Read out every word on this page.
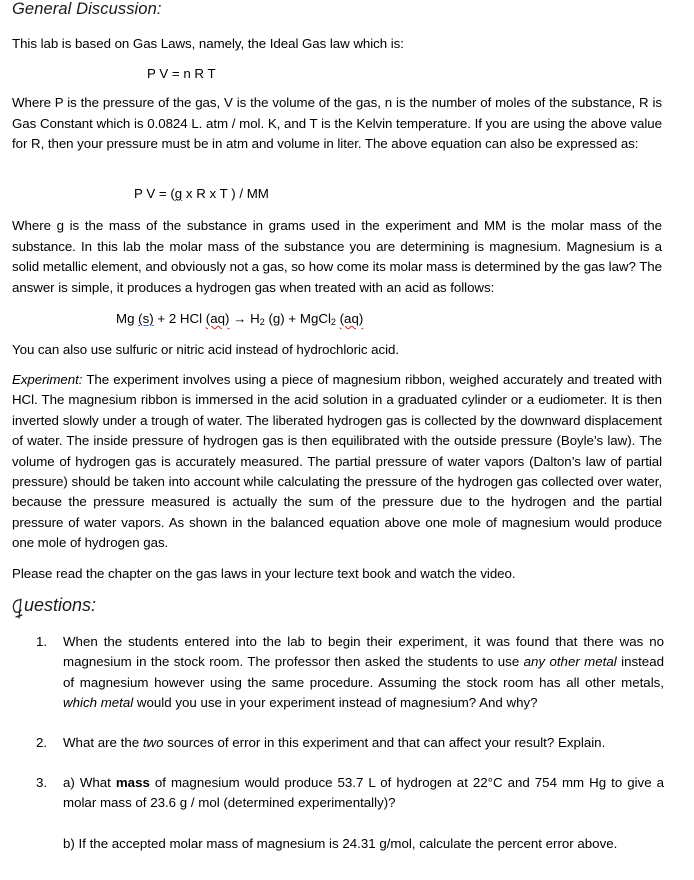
General Discussion:
This lab is based on Gas Laws, namely, the Ideal Gas law which is:
P V = n R T
Where P is the pressure of the gas, V is the volume of the gas, n is the number of moles of the substance, R is Gas Constant which is 0.0824 L. atm / mol. K, and T is the Kelvin temperature. If you are using the above value for R, then your pressure must be in atm and volume in liter. The above equation can also be expressed as:
P V = (g x R x T ) / MM
Where g is the mass of the substance in grams used in the experiment and MM is the molar mass of the substance. In this lab the molar mass of the substance you are determining is magnesium. Magnesium is a solid metallic element, and obviously not a gas, so how come its molar mass is determined by the gas law? The answer is simple, it produces a hydrogen gas when treated with an acid as follows:
Mg (s) + 2 HCl $(aq) \to H_2$ (g) + MgCl$_2$ (aq)
You can also use sulfuric or nitric acid instead of hydrochloric acid.
Experiment: The experiment involves using a piece of magnesium ribbon, weighed accurately and treated with HCl. The magnesium ribbon is immersed in the acid solution in a graduated cylinder or a eudiometer. It is then inverted slowly under a trough of water. The liberated hydrogen gas is collected by the downward displacement of water. The inside pressure of hydrogen gas is then equilibrated with the outside pressure (Boyle’s law). The volume of hydrogen gas is accurately measured. The partial pressure of water vapors (Dalton’s law of partial pressure) should be taken into account while calculating the pressure of the hydrogen gas collected over water, because the pressure measured is actually the sum of the pressure due to the hydrogen and the partial pressure of water vapors. As shown in the balanced equation above one mole of magnesium would produce one mole of hydrogen gas.
Please read the chapter on the gas laws in your lecture text book and watch the video.
uestions:
1.	When the students entered into the lab to begin their experiment, it was found that there was no magnesium in the stock room. The professor then asked the students to use any other metal instead of magnesium however using the same procedure. Assuming the stock room has all other metals, which metal would you use in your experiment instead of magnesium? And why?
2.	What are the two sources of error in this experiment and that can affect your result? Explain.
3.	a) What mass of magnesium would produce 53.7 L of hydrogen at 22°C and 754 mm Hg to give a molar mass of 23.6 g / mol (determined experimentally)?
b) If the accepted molar mass of magnesium is 24.31 g/mol, calculate the percent error above.
